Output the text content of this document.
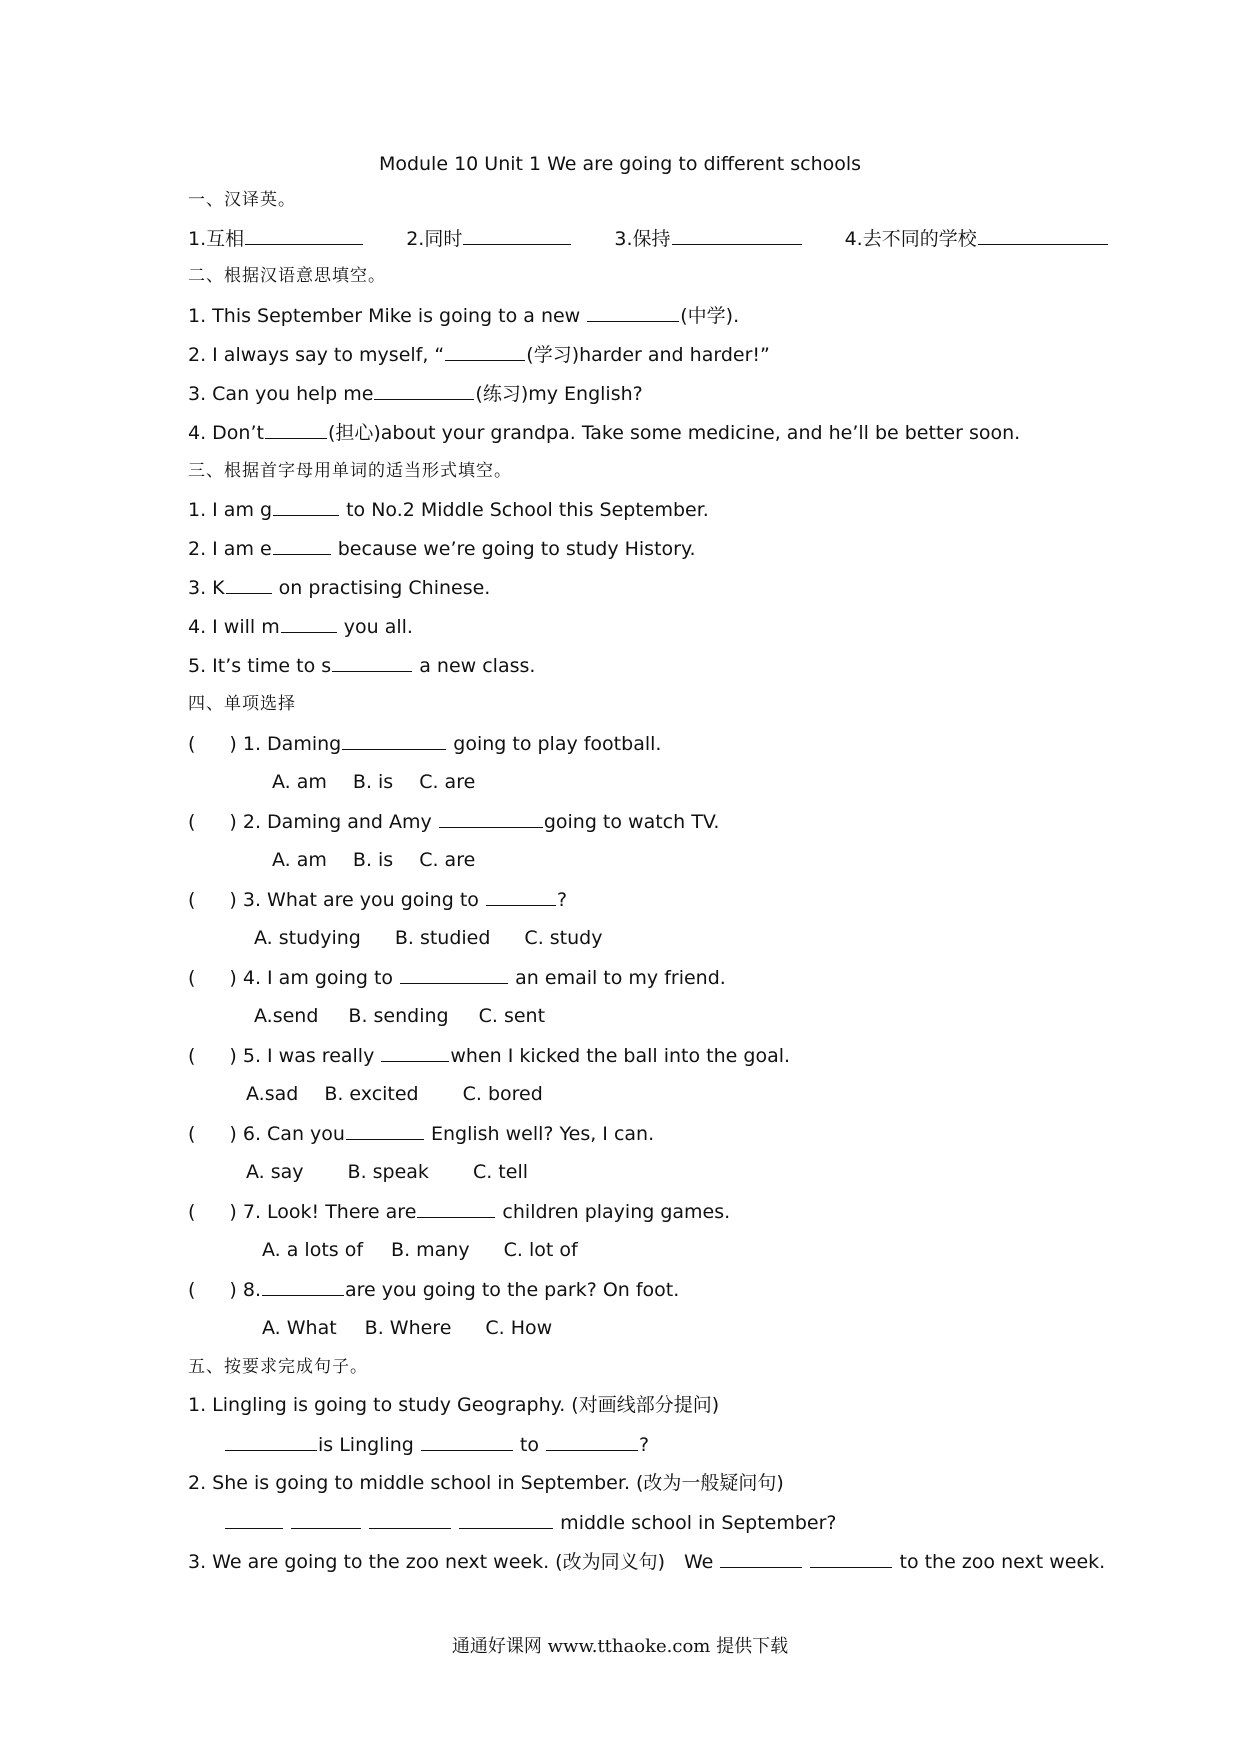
Module 10 Unit 1 We are going to different schools
一、汉译英。
1.互相	2.同时	3.保持	4.去不同的学校
二、根据汉语意思填空。
1. This September Mike is going to a new	(中学).
2. I always say to myself, “	(学习)harder and harder!”
3. Can you help me	(练习)my English?
4. Don’t	(担心)about your grandpa. Take some medicine, and he’ll be better soon.
三、根据首字母用单词的适当形式填空。
1. I am g	to No.2 Middle School this September.
2. I am e	because we’re going to study History.
3. K	on practising Chinese.
4. I will m	you all.
5. It’s time to s	a new class.
四、单项选择
( ) 1. Daming	going to play football.
A. am B. is C. are
( ) 2. Daming and Amy	going to watch TV.
A. am B. is C. are
( ) 3. What are you going to	?
A. studying B. studied C. study
( ) 4. I am going to	an email to my friend.
A.send B. sending C. sent
( ) 5. I was really	when I kicked the ball into the goal.
A.sad B. excited C. bored
( ) 6. Can you	English well? Yes, I can.
A. say B. speak C. tell
( ) 7. Look! There are	children playing games.
A. a lots of B. many C. lot of
( ) 8.	are you going to the park? On foot.
A. What B. Where C. How
五、按要求完成句子。
1. Lingling is going to study Geography. (对画线部分提问)
is Lingling	to	?
2. She is going to middle school in September. (改为一般疑问句)
middle school in September?
3. We are going to the zoo next week. (改为同义句)　We	to the zoo next week.
通通好课网 www.tthaoke.com 提供下载
